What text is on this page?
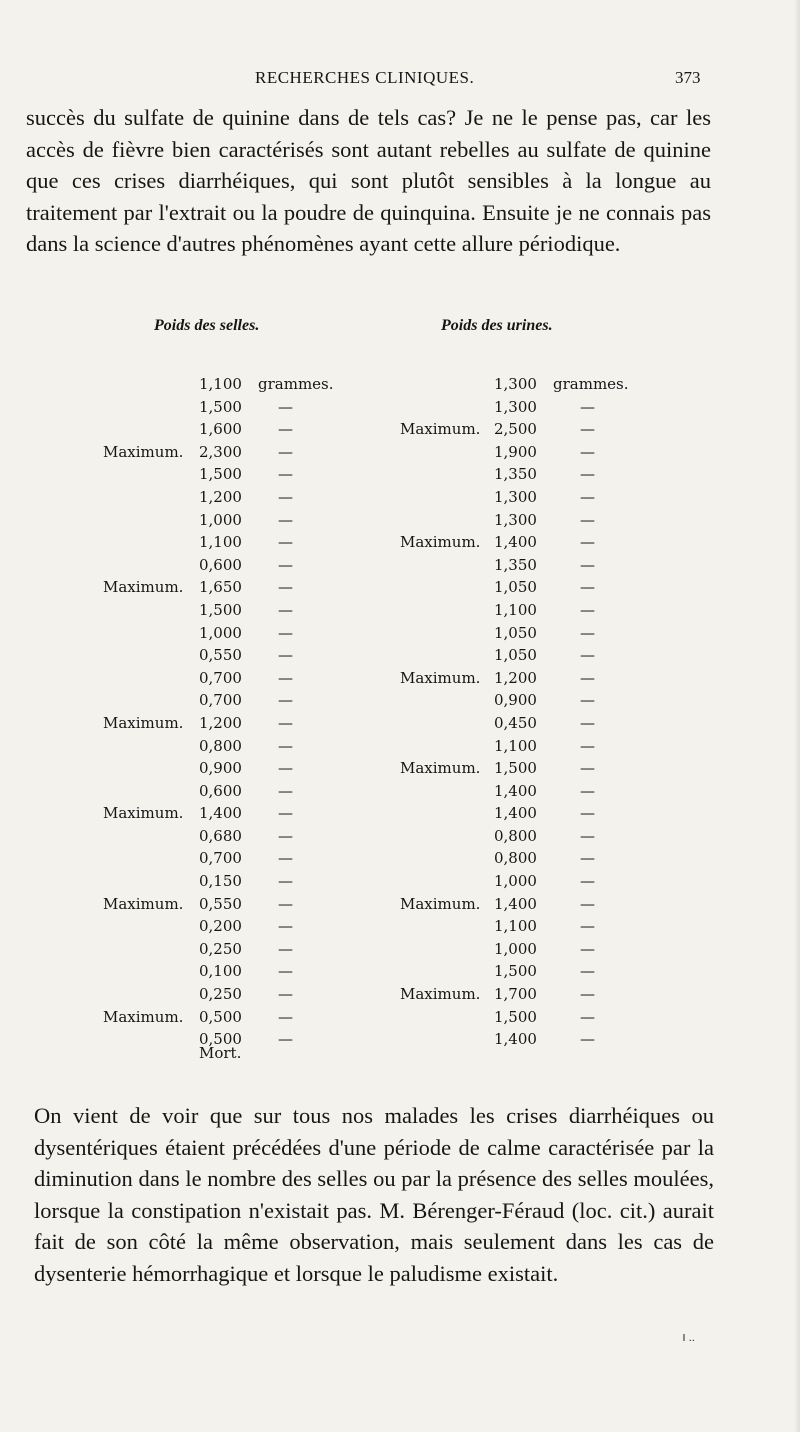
RECHERCHES CLINIQUES.	373

succès du sulfate de quinine dans de tels cas? Je ne le pense pas, car les accès de fièvre bien caractérisés sont autant rebelles au sulfate de quinine que ces crises diarrhéiques, qui sont plutôt sensibles à la longue au traitement par l'extrait ou la poudre de quinquina. Ensuite je ne connais pas dans la science d'autres phénomènes ayant cette allure périodique.

Poids des selles.	Poids des urines.
1,100 grammes.	1,300 grammes.
1,500 —	1,300	—
1,600 —	Maximum. 2,500	—
Maximum. 2,300 —	1,900	—
1,500 —	1,350	—
1,200 —	1,300	—
1,000 —	1,300	—
1,100 —	Maximum. 1,400	—
0,600 —	1,350	—
Maximum. 1,650 —	1,050	—
1,500 —	1,100	—
1,000 —	1,050	—
0,550 —	1,050	—
0,700 —	Maximum. 1,200	—
0,700 —	0,900	—
Maximum. 1,200 —	0,450	—
0,800 —	1,100	—
0,900 —	Maximum. 1,500	—
0,600 —	1,400	—
Maximum. 1,400 —	1,400	—
0,680 —	0,800	—
0,700 —	0,800	—
0,150 —	1,000	—
Maximum. 0,550 —	Maximum. 1,400	—
0,200 —	1,100	—
0,250 —	1,000	—
0,100 —	1,500	—
0,250 —	Maximum. 1,700	—
Maximum. 0,500 —	1,500	—
0,500 —	1,400	—
Mort.

On vient de voir que sur tous nos malades les crises diarrhéiques ou dysentériques étaient précédées d'une période de calme caractérisée par la diminution dans le nombre des selles ou par la présence des selles moulées, lorsque la constipation n'existait pas. M. Bérenger-Féraud (loc. cit.) aurait fait de son côté la même observation, mais seulement dans les cas de dysenterie hémorrhagique et lorsque le paludisme existait.

I ..
